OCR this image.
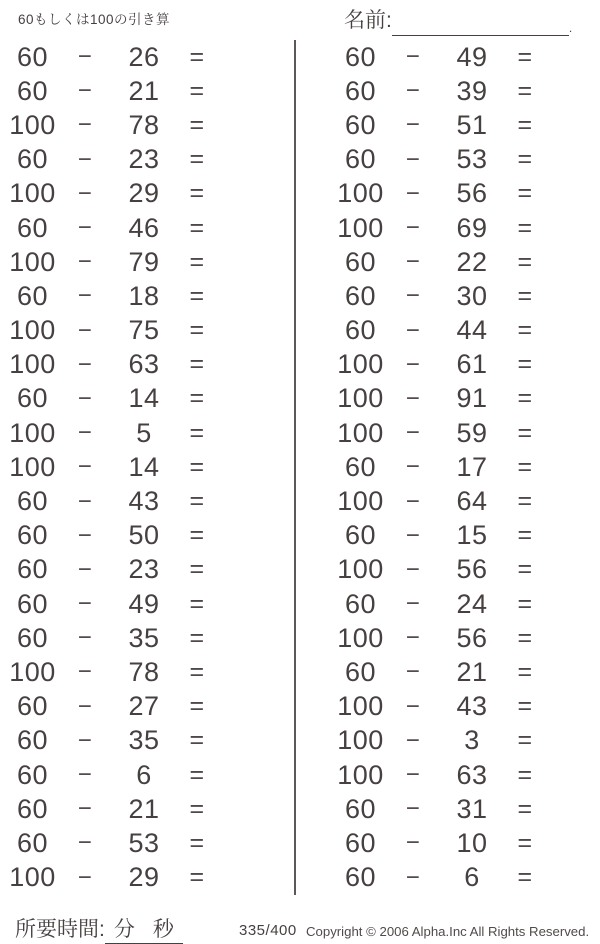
60もしくは100の引き算	名前:	.
60	−	26	=
60	−	21	=
100 −	78	=
60	−	23	=
100 −	29	=
60	−	46	=
100 −	79	=
60	−	18	=
100 −	75	=
100 −	63	=
60	−	14	=
100 −	5	=
100 −	14	=
60	−	43	=
60	−	50	=
60	−	23	=
60	−	49	=
60	−	35	=
100 −	78	=
60	−	27	=
60	−	35	=
60	−	6	=
60	−	21	=
60	−	53	=
100 −	29	=
60	−	49	=
60	−	39	=
60	−	51	=
60	−	53	=
100 −	56	=
100 −	69	=
60	−	22	=
60	−	30	=
60	−	44	=
100 −	61	=
100 −	91	=
100 −	59	=
60	−	17	=
100 −	64	=
60	−	15	=
100 −	56	=
60	−	24	=
100 −	56	=
60	−	21	=
100 −	43	=
100 −	3	=
100 −	63	=
60	−	31	=
60	−	10	=
60	−	6	=
所要時間: 分 秒	335/400 Copyright © 2006 Alpha.Inc All Rights Reserved.
